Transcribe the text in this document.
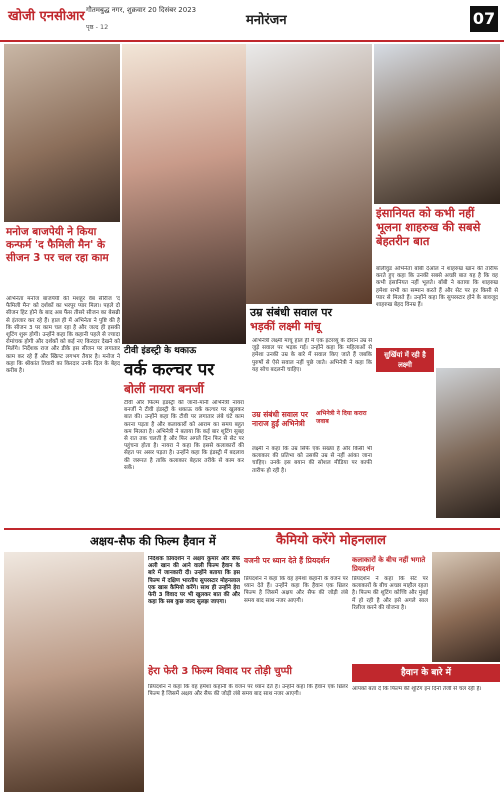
खोजी एनसीआर गौतमबुद्ध नगर, शुक्रवार 20 दिसंबर 2023
पृष्ठ - 12	मनोरंजन	07
मनोज बाजपेयी ने किया कन्फर्म 'द फैमिली मैन' के सीजन 3 पर चल रहा काम
अभिनेता मनोज बाजपेयी की मशहूर वेब सीरीज 'द फैमिली मैन' को दर्शकों का भरपूर प्यार मिला। पहले दो सीजन हिट होने के बाद अब फैंस तीसरे सीजन का बेसब्री से इंतजार कर रहे हैं। हाल ही में अभिनेता ने पुष्टि की है कि सीजन 3 पर काम चल रहा है और जल्द ही इसकी शूटिंग शुरू होगी। उन्होंने कहा कि कहानी पहले से ज्यादा रोमांचक होगी और दर्शकों को कई नए किरदार देखने को मिलेंगे। निर्देशक राज और डीके इस सीजन पर लगातार काम कर रहे हैं और स्क्रिप्ट लगभग तैयार है। मनोज ने कहा कि श्रीकांत तिवारी का किरदार उनके दिल के बेहद करीब है।
उम्र संबंधी सवाल पर
भड़कीं लक्ष्मी मांचू
टीवी इंडस्ट्री के थकाऊ
वर्क कल्चर पर
बोलीं नायरा बनर्जी
टीवी और फिल्म इंडस्ट्री की जानी-मानी अभिनेत्री नायरा बनर्जी ने टीवी इंडस्ट्री के थकाऊ वर्क कल्चर पर खुलकर बात की। उन्होंने कहा कि टीवी पर लगातार लंबे घंटे काम करना पड़ता है और कलाकारों को आराम का समय बहुत कम मिलता है। अभिनेत्री ने बताया कि कई बार शूटिंग सुबह से रात तक चलती है और फिर अगले दिन फिर से सेट पर पहुंचना होता है। नायरा ने कहा कि इससे कलाकारों की सेहत पर असर पड़ता है। उन्होंने कहा कि इंडस्ट्री में बदलाव की जरूरत है ताकि कलाकार बेहतर तरीके से काम कर सकें।
अभिनेत्री लक्ष्मी मांचू हाल ही में एक इंटरव्यू के दौरान उम्र से जुड़े सवाल पर भड़क गईं। उन्होंने कहा कि महिलाओं से हमेशा उनकी उम्र के बारे में सवाल किए जाते हैं जबकि पुरुषों से ऐसे सवाल नहीं पूछे जाते। अभिनेत्री ने कहा कि यह सोच बदलनी चाहिए।
उम्र संबंधी सवाल पर नाराज हुईं अभिनेत्री
अभिनेत्री ने दिया करारा जवाब
लक्ष्मी ने कहा कि उम्र सिर्फ एक संख्या है और किसी भी कलाकार की प्रतिभा को उसकी उम्र से नहीं आंका जाना चाहिए। उनके इस बयान की सोशल मीडिया पर काफी तारीफ हो रही है।
इंसानियत को कभी नहीं भूलना शाहरुख की सबसे बेहतरीन बात
बॉलीवुड अभिनेता बॉबी देओल ने शाहरुख खान की तारीफ करते हुए कहा कि उनकी सबसे अच्छी बात यह है कि वह कभी इंसानियत नहीं भूलते। बॉबी ने बताया कि शाहरुख हमेशा सभी का सम्मान करते हैं और सेट पर हर किसी से प्यार से मिलते हैं। उन्होंने कहा कि सुपरस्टार होने के बावजूद शाहरुख बेहद विनम्र हैं।
सुर्खियां में रही है लक्ष्मी
अक्षय-सैफ की फिल्म हैवान में	कैमियो करेंगे मोहनलाल
निर्देशक प्रियदर्शन ने अक्षय कुमार और सैफ अली खान की आने वाली फिल्म हैवान के बारे में जानकारी दी। उन्होंने बताया कि इस फिल्म में दक्षिण भारतीय सुपरस्टार मोहनलाल एक खास कैमियो करेंगे। साथ ही उन्होंने हेरा फेरी 3 विवाद पर भी खुलकर बात की और कहा कि सब कुछ जल्द सुलझ जाएगा।
वजनी पर ध्यान देते हैं प्रियदर्शन
प्रियदर्शन ने कहा कि वह हमेशा कहानी के वजन पर ध्यान देते हैं। उन्होंने कहा कि हैवान एक थ्रिलर फिल्म है जिसमें अक्षय और सैफ की जोड़ी लंबे समय बाद साथ नजर आएगी।
कलाकारों के बीच नहीं भगाते प्रियदर्शन
प्रियदर्शन ने कहा कि सेट पर कलाकारों के बीच अच्छा माहौल रहता है। फिल्म की शूटिंग कोच्चि और मुंबई में हो रही है और इसे अगले साल रिलीज करने की योजना है।
हेरा फेरी 3 फिल्म विवाद पर तोड़ी चुप्पी	हैवान के बारे में
प्रियदर्शन ने कहा कि वह हमेशा कहानी के वजन पर ध्यान देते हैं। उन्होंने कहा कि हैवान एक थ्रिलर फिल्म है जिसमें अक्षय और सैफ की जोड़ी लंबे समय बाद साथ नजर आएगी।
आपको बता दें कि फिल्म की शूटिंग इन दिनों तेजी से चल रही है।
